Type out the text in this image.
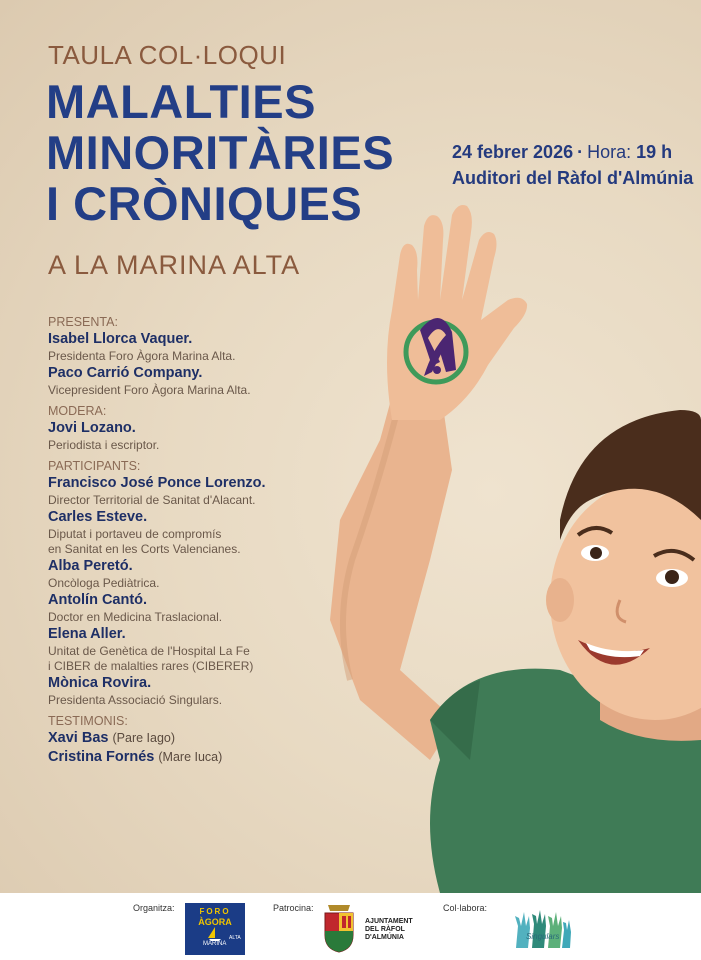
TAULA COL·LOQUI
MALALTIES
MINORITÀRIES
I CRÒNIQUES
A LA MARINA ALTA
24 febrer 2026 · Hora: 19 h
Auditori del Ràfol d'Almúnia
PRESENTA:
Isabel Llorca Vaquer.
Presidenta Foro Àgora Marina Alta.
Paco Carrió Company.
Vicepresident Foro Àgora Marina Alta.
MODERA:
Jovi Lozano.
Periodista i escriptor.
PARTICIPANTS:
Francisco José Ponce Lorenzo.
Director Territorial de Sanitat d'Alacant.
Carles Esteve.
Diputat i portaveu de compromís
en Sanitat en les Corts Valencianes.
Alba Peretó.
Oncòloga Pediàtrica.
Antolín Cantó.
Doctor en Medicina Traslacional.
Elena Aller.
Unitat de Genètica de l'Hospital La Fe
i CIBER de malalties rares (CIBERER)
Mònica Rovira.
Presidenta Associació Singulars.
TESTIMONIS:
Xavi Bas (Pare Iago)
Cristina Fornés (Mare Iuca)
Organitza:	FORO
ÀGORA
ALTA
MARINA
Patrocina:
AJUNTAMENT
DEL RÀFOL
D'ALMÚNIA
Col·labora:
Singulars
